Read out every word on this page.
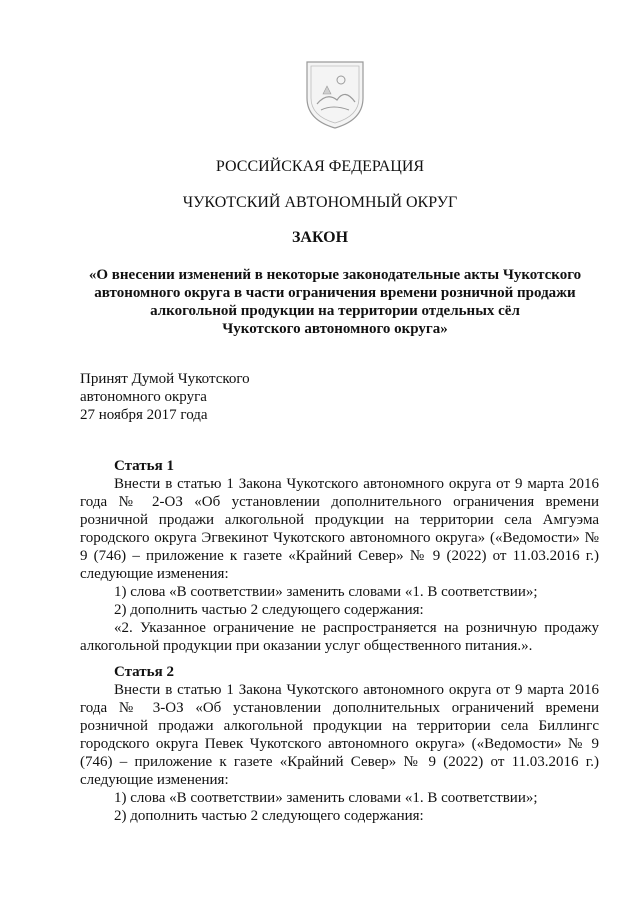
РОССИЙСКАЯ ФЕДЕРАЦИЯ
ЧУКОТСКИЙ АВТОНОМНЫЙ ОКРУГ
ЗАКОН
«О внесении изменений в некоторые законодательные акты Чукотского
автономного округа в части ограничения времени розничной продажи
алкогольной продукции на территории отдельных сёл
Чукотского автономного округа»
Принят Думой Чукотского
автономного округа
27 ноября 2017 года
Статья 1

Внести в статью 1 Закона Чукотского автономного округа от 9 марта 2016 года № 2-ОЗ «Об установлении дополнительного ограничения времени розничной продажи алкогольной продукции на территории села Амгуэма городского округа Эгвекинот Чукотского автономного округа» («Ведомости» № 9 (746) – приложение к газете «Крайний Север» № 9 (2022) от 11.03.2016 г.) следующие изменения:

1) слова «В соответствии» заменить словами «1. В соответствии»;
2) дополнить частью 2 следующего содержания:

«2. Указанное ограничение не распространяется на розничную продажу алкогольной продукции при оказании услуг общественного питания.».

Статья 2

Внести в статью 1 Закона Чукотского автономного округа от 9 марта 2016 года № 3-ОЗ «Об установлении дополнительных ограничений времени розничной продажи алкогольной продукции на территории села Биллингс городского округа Певек Чукотского автономного округа» («Ведомости» № 9 (746) – приложение к газете «Крайний Север» № 9 (2022) от 11.03.2016 г.) следующие изменения:

1) слова «В соответствии» заменить словами «1. В соответствии»;
2) дополнить частью 2 следующего содержания:
